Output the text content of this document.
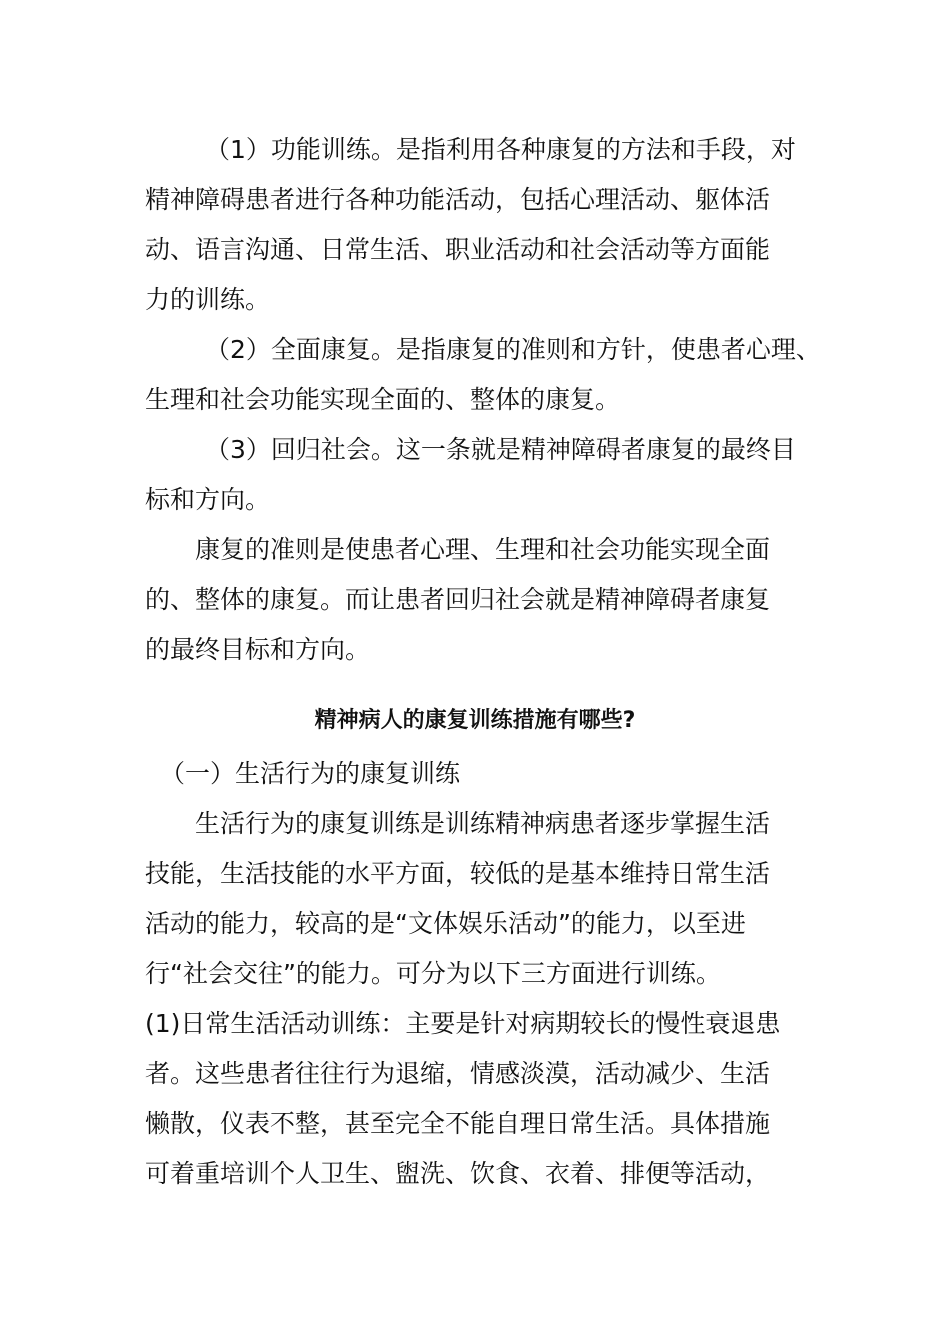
（1）功能训练。是指利用各种康复的方法和手段，对

精神障碍患者进行各种功能活动，包括心理活动、躯体活

动、语言沟通、日常生活、职业活动和社会活动等方面能

力的训练。

（2）全面康复。是指康复的准则和方针，使患者心理、

生理和社会功能实现全面的、整体的康复。

（3）回归社会。这一条就是精神障碍者康复的最终目

标和方向。

康复的准则是使患者心理、生理和社会功能实现全面

的、整体的康复。而让患者回归社会就是精神障碍者康复

的最终目标和方向。

精神病人的康复训练措施有哪些?

（一）生活行为的康复训练

生活行为的康复训练是训练精神病患者逐步掌握生活

技能，生活技能的水平方面，较低的是基本维持日常生活

活动的能力，较高的是“文体娱乐活动”的能力，以至进

行“社会交往”的能力。可分为以下三方面进行训练。

(1)日常生活活动训练：主要是针对病期较长的慢性衰退患

者。这些患者往往行为退缩，情感淡漠，活动减少、生活

懒散，仪表不整，甚至完全不能自理日常生活。具体措施

可着重培训个人卫生、盥洗、饮食、衣着、排便等活动，
